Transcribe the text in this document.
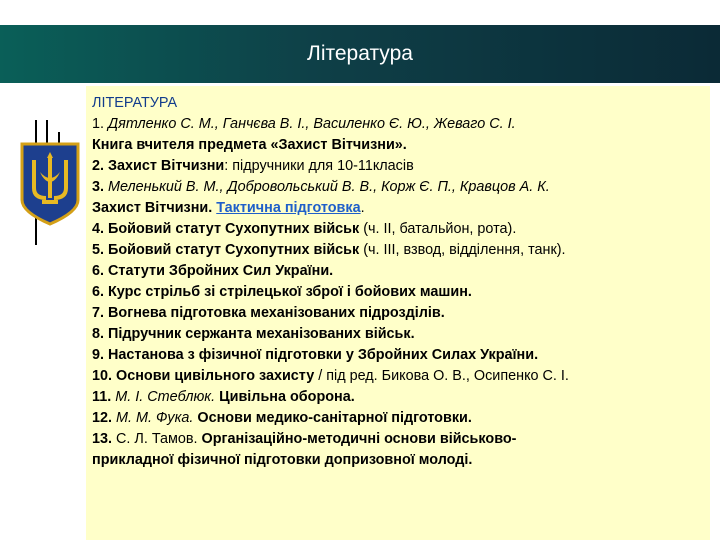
Література
ЛІТЕРАТУРА
1. Дятленко С. М., Ганчєва В. І., Василенко Є. Ю., Жеваго С. І.
Книга вчителя предмета «Захист Вітчизни».
2. Захист Вітчизни: підручники для 10-11класів
3. Меленький В. М., Добровольський В. В., Корж Є. П., Кравцов А. К.
Захист Вітчизни. Тактична підготовка.
4. Бойовий статут Сухопутних військ (ч. ІІ, батальйон, рота).
5. Бойовий статут Сухопутних військ (ч. ІІІ, взвод, відділення, танк).
6. Статути Збройних Сил України.
6. Курс стрільб зі стрілецької зброї і бойових машин.
7. Вогнева підготовка механізованих підрозділів.
8. Підручник сержанта механізованих військ.
9. Настанова з фізичної підготовки у Збройних Силах України.
10. Основи цивільного захисту / під ред. Бикова О. В., Осипенко С. І.
11. М. І. Стеблюк. Цивільна оборона.
12. М. М. Фука. Основи медико-санітарної підготовки.
13. С. Л. Тамов. Організаційно-методичні основи військово-
прикладної фізичної підготовки допризовної молоді.
